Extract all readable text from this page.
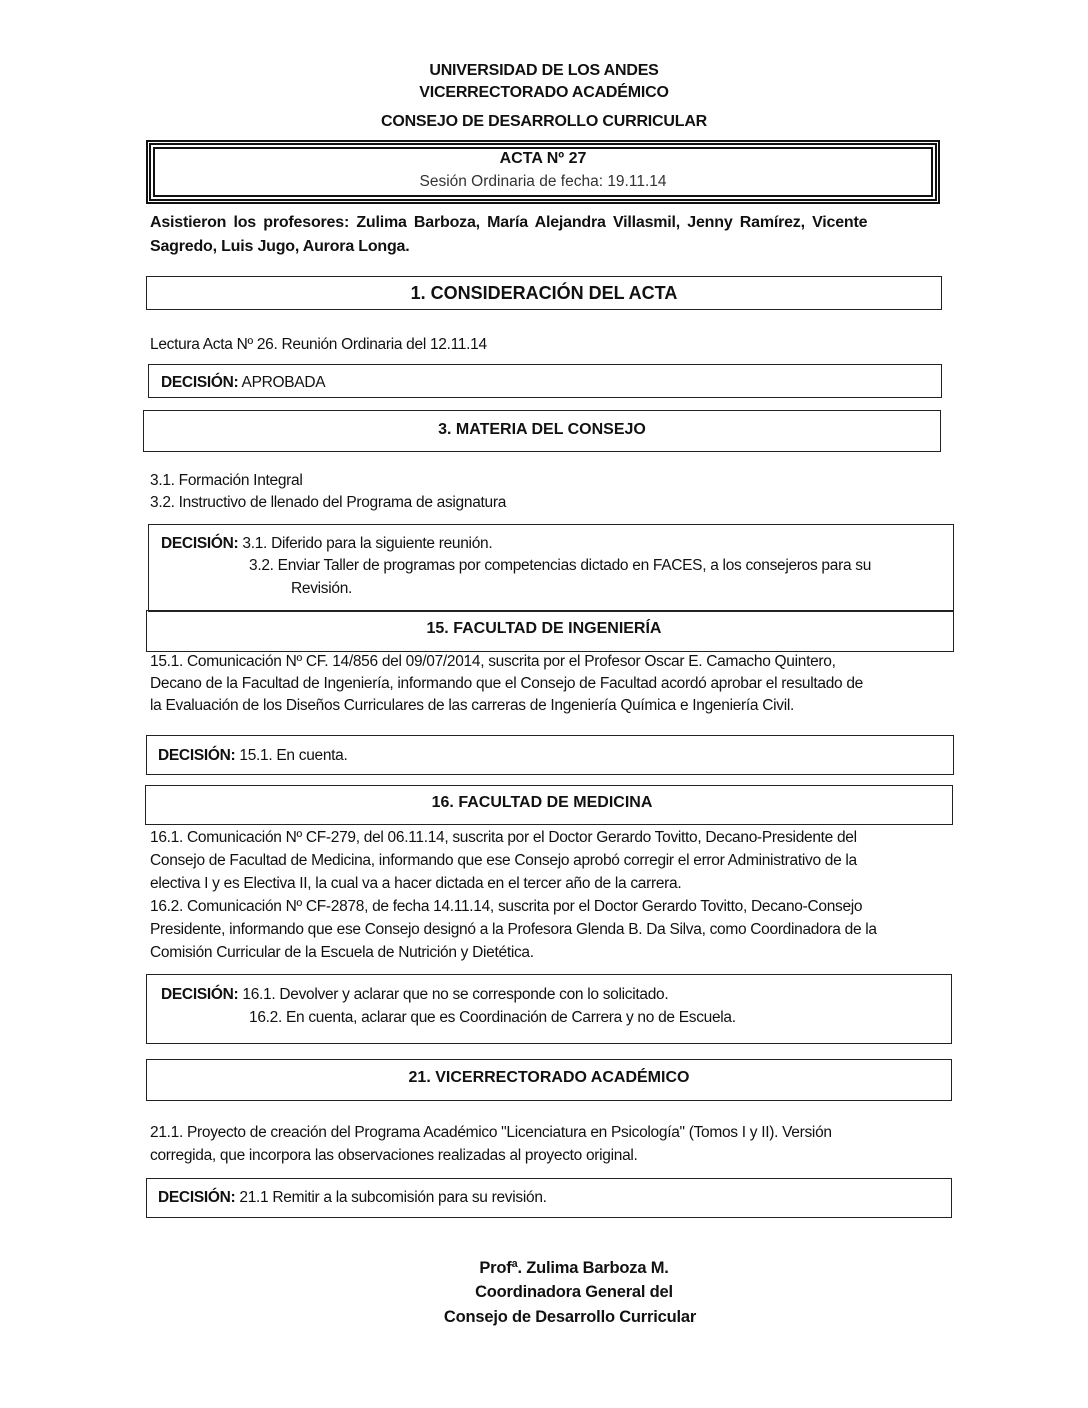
UNIVERSIDAD DE LOS ANDES
VICERRECTORADO ACADÉMICO
CONSEJO DE DESARROLLO CURRICULAR
ACTA Nº 27
Sesión Ordinaria de fecha: 19.11.14
Asistieron los profesores: Zulima Barboza, María Alejandra Villasmil, Jenny Ramírez, Vicente
Sagredo, Luis Jugo, Aurora Longa.
1. CONSIDERACIÓN DEL ACTA
Lectura Acta Nº 26. Reunión Ordinaria del 12.11.14
DECISIÓN: APROBADA
3. MATERIA DEL CONSEJO
3.1. Formación Integral
3.2. Instructivo de llenado del Programa de asignatura
DECISIÓN: 3.1. Diferido para la siguiente reunión.
3.2. Enviar Taller de programas por competencias dictado en FACES, a los consejeros para su
Revisión.
15. FACULTAD DE INGENIERÍA
15.1. Comunicación Nº CF. 14/856 del 09/07/2014, suscrita por el Profesor Oscar E. Camacho Quintero,
Decano de la Facultad de Ingeniería, informando que el Consejo de Facultad acordó aprobar el resultado de
la Evaluación de los Diseños Curriculares de las carreras de Ingeniería Química e Ingeniería Civil.
DECISIÓN: 15.1. En cuenta.
16. FACULTAD DE MEDICINA
16.1. Comunicación Nº CF-279, del 06.11.14, suscrita por el Doctor Gerardo Tovitto, Decano-Presidente del
Consejo de Facultad de Medicina, informando que ese Consejo aprobó corregir el error Administrativo de la
electiva I y es Electiva II, la cual va a hacer dictada en el tercer año de la carrera.
16.2. Comunicación Nº CF-2878, de fecha 14.11.14, suscrita por el Doctor Gerardo Tovitto, Decano-Consejo
Presidente, informando que ese Consejo designó a la Profesora Glenda B. Da Silva, como Coordinadora de la
Comisión Curricular de la Escuela de Nutrición y Dietética.
DECISIÓN: 16.1. Devolver y aclarar que no se corresponde con lo solicitado.
16.2. En cuenta, aclarar que es Coordinación de Carrera y no de Escuela.
21. VICERRECTORADO ACADÉMICO
21.1. Proyecto de creación del Programa Académico "Licenciatura en Psicología" (Tomos I y II). Versión
corregida, que incorpora las observaciones realizadas al proyecto original.
DECISIÓN: 21.1 Remitir a la subcomisión para su revisión.
Profª. Zulima Barboza M.
Coordinadora General del
Consejo de Desarrollo Curricular
